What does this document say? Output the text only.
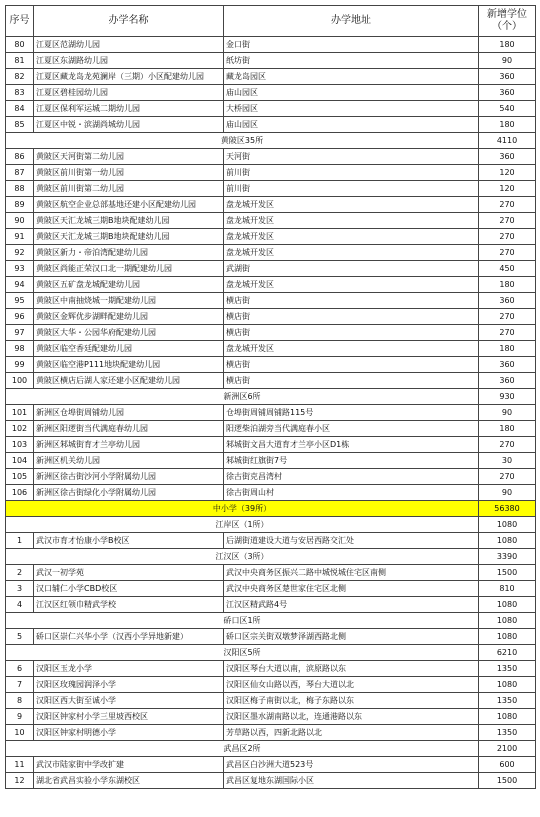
序号	办学名称	办学地址	新增学位
（个）

80	江夏区范湖幼儿园	金口街	180
81	江夏区东湖路幼儿园	纸坊街	90
82	江夏区藏龙岛龙苑澜岸（三期）小区配建幼儿园	藏龙岛园区	360
83	江夏区碧桂园幼儿园	庙山园区	360
84	江夏区保利军运城二期幼儿园	大桥园区	540
85	江夏区中锐・滨湖尚城幼儿园	庙山园区	180
黄陂区35所			4110
86	黄陂区天河街第二幼儿园	天河街	360
87	黄陂区前川街第一幼儿园	前川街	120
88	黄陂区前川街第二幼儿园	前川街	120
89	黄陂区航空企业总部基地还建小区配建幼儿园	盘龙城开发区	270
90	黄陂区天汇龙城三期B地块配建幼儿园	盘龙城开发区	270
91	黄陂区天汇龙城三期B地块配建幼儿园	盘龙城开发区	270
92	黄陂区新力・帝泊湾配建幼儿园	盘龙城开发区	270
93	黄陂区尚能正荣汉口北一期配建幼儿园	武湖街	450
94	黄陂区五矿盘龙城配建幼儿园	盘龙城开发区	180
95	黄陂区中南抽烧城一期配建幼儿园	横店街	360
96	黄陂区金辉优步湖畔配建幼儿园	横店街	270
97	黄陂区大华・公园华府配建幼儿园	横店街	270
98	黄陂区临空香廷配建幼儿园	盘龙城开发区	180
99	黄陂区临空港P111地块配建幼儿园	横店街	360
100	黄陂区横店后湖人家还建小区配建幼儿园	横店街	360
新洲区6所			930
101	新洲区仓埠街周铺幼儿园	仓埠街周铺周铺路115号	90
102	新洲区阳逻街当代满庭春幼儿园	阳逻柴泊湖旁当代满庭春小区	180
103	新洲区邾城街育才兰亭幼儿园	邾城街文昌大道育才兰亭小区D1栋	270
104	新洲区机关幼儿园	邾城街红旗街7号	30
105	新洲区徐古街沙河小学附属幼儿园	徐古街克昌湾村	270
106	新洲区徐古街绿化小学附属幼儿园	徐古街周山村	90
中小学（39所）			56380
江岸区（1所）			1080
1	武汉市育才怡康小学B校区	后湖街道建设大道与安居西路交汇处	1080
江汉区（3所）			3390
2	武汉一初学苑	武汉中央商务区振兴二路中城悦城住宅区南侧	1500
3	汉口辅仁小学CBD校区	武汉中央商务区楚世家住宅区北侧	810
4	江汉区红领巾精武学校	江汉区精武路4号	1080
硚口区1所			1080
5	硚口区崇仁兴华小学（汉西小学异地新建）	硚口区宗关街双墩梦泽湖西路北侧	1080
汉阳区5所			6210
6	汉阳区玉龙小学	汉阳区琴台大道以南，滨原路以东	1350
7	汉阳区玫瑰园润泽小学	汉阳区仙女山路以西，琴台大道以北	1080
8	汉阳区西大街至诚小学	汉阳区梅子南街以北，梅子东路以东	1350
9	汉阳区钟家村小学三里坡西校区	汉阳区墨水湖南路以北，连通港路以东	1080
10	汉阳区钟家村明德小学	芳草路以西，四新北路以北	1350
武昌区2所			2100
11	武汉市陆家街中学改扩建	武昌区白沙洲大道523号	600
12	湖北省武昌实验小学东湖校区	武昌区复地东湖国际小区	1500
